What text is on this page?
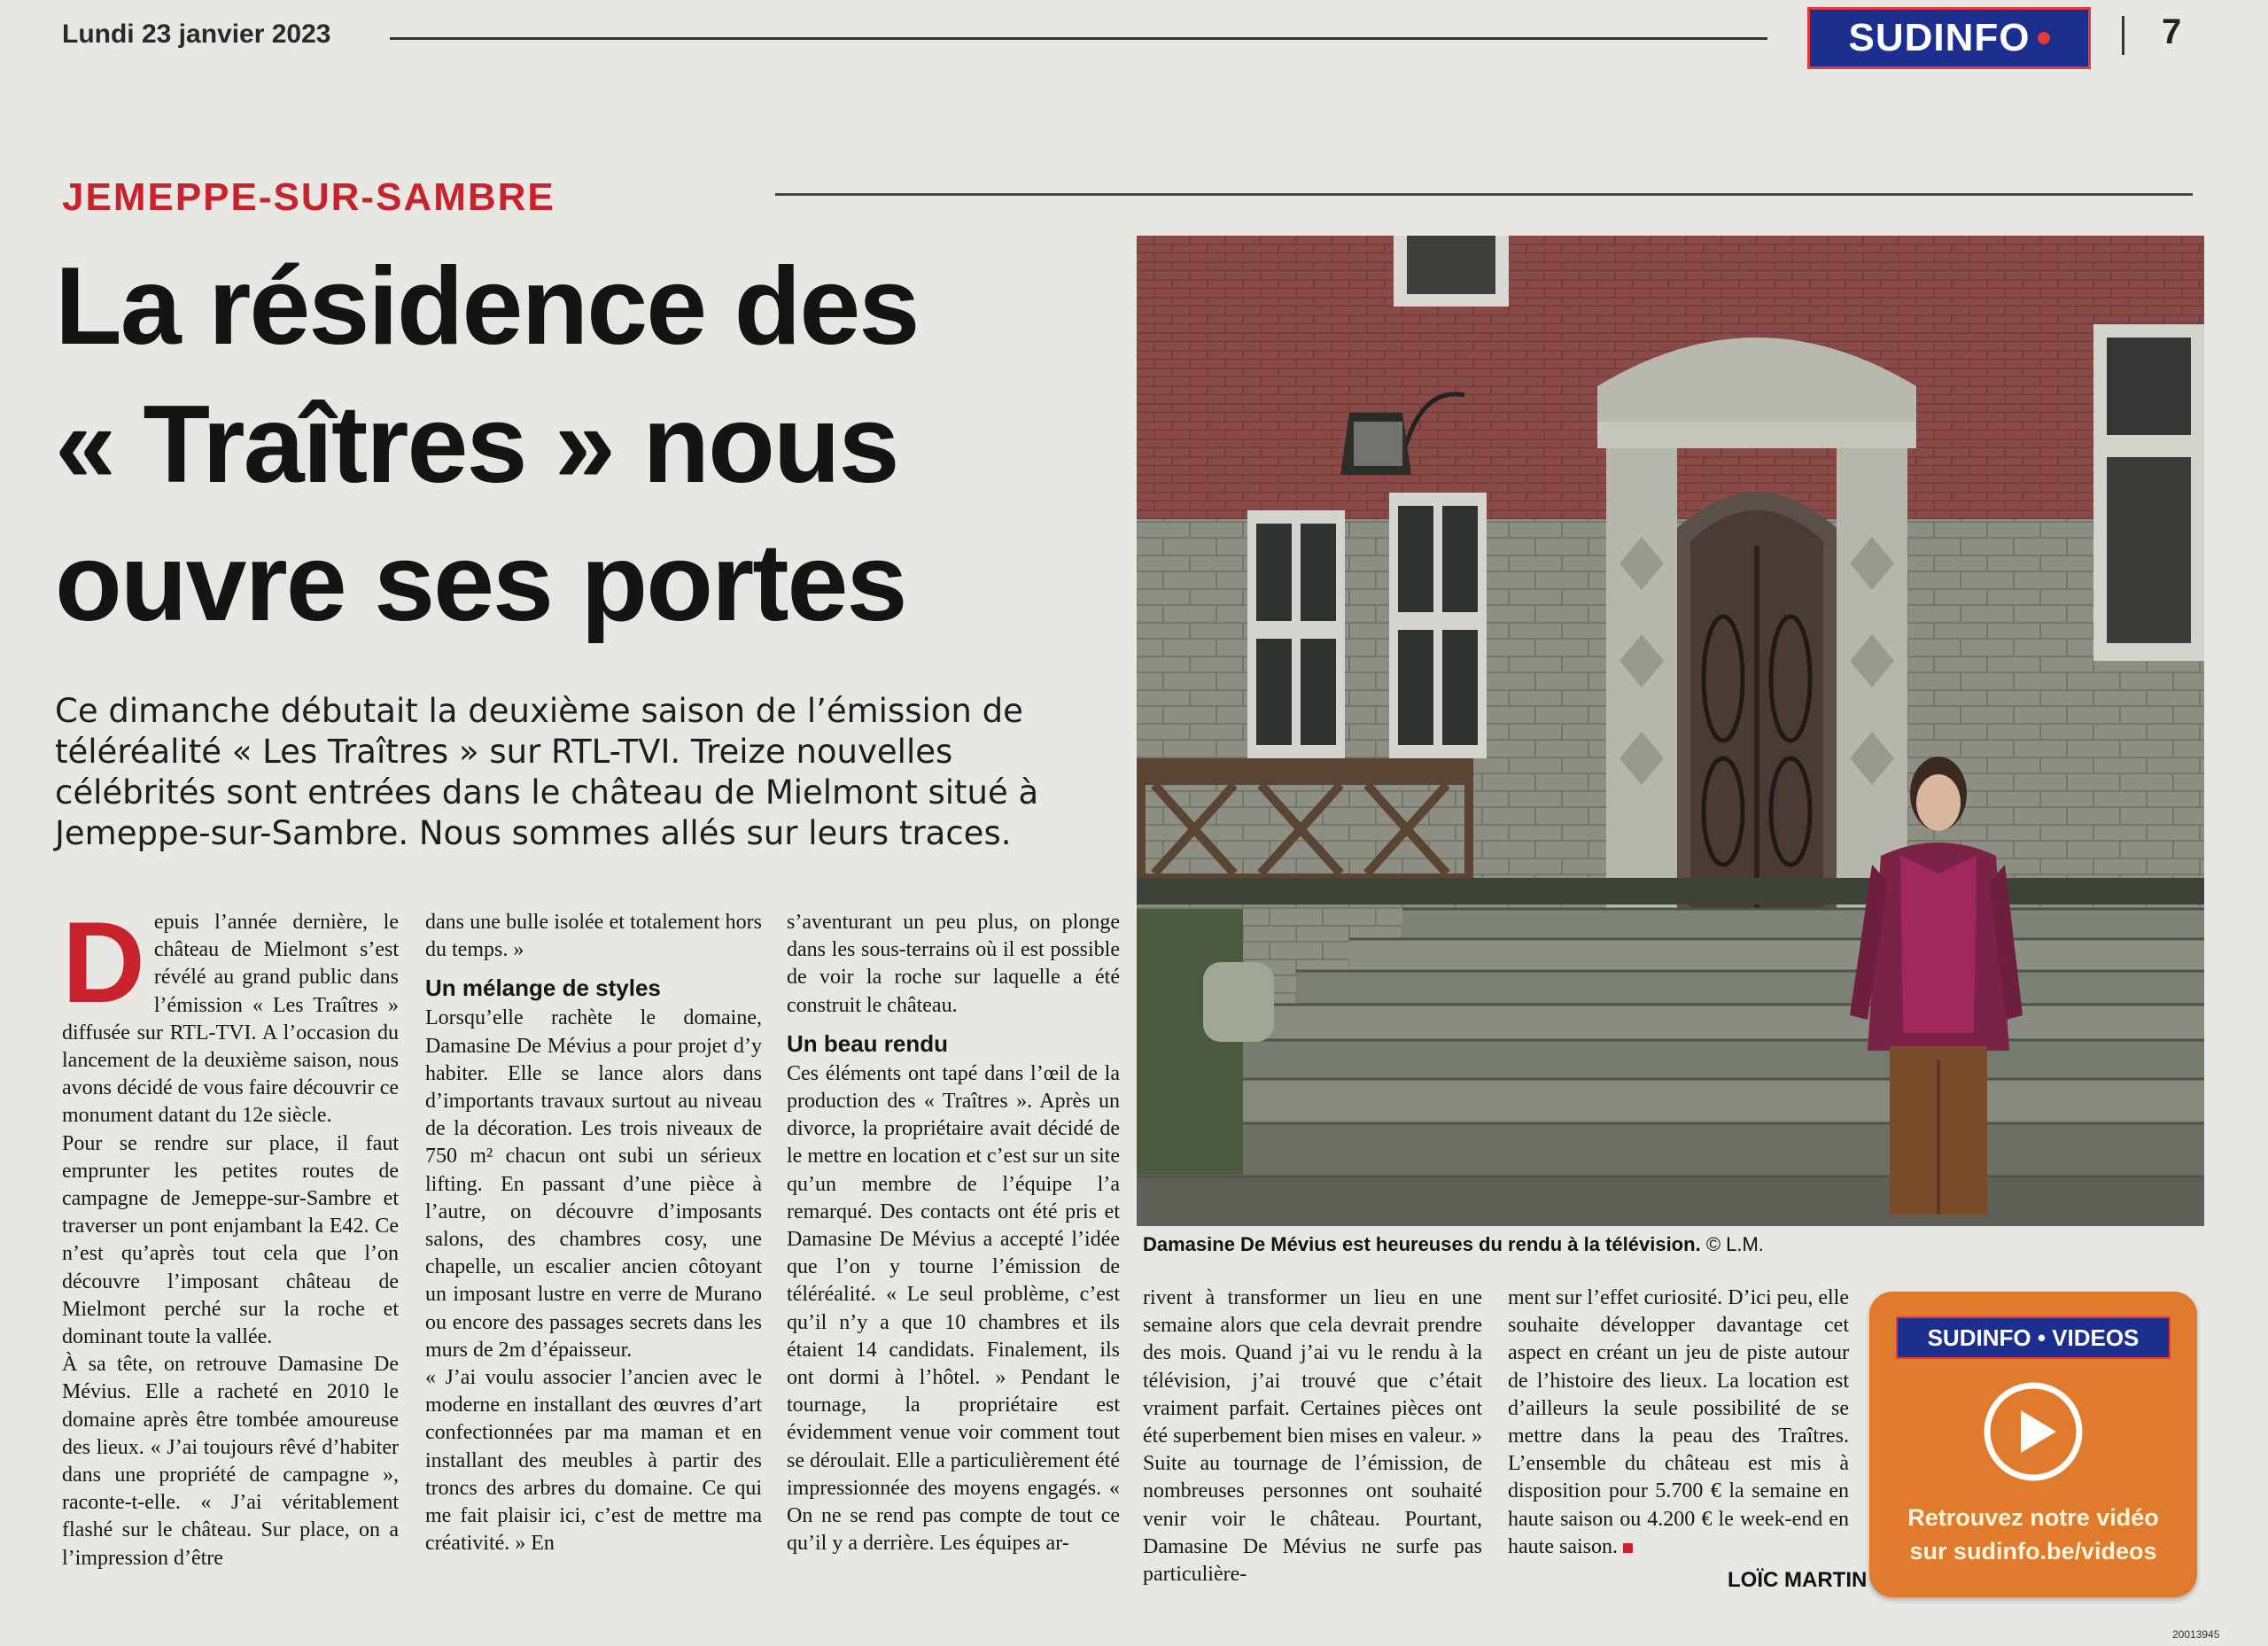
Lundi 23 janvier 2023	SUDINFO	7
JEMEPPE-SUR-SAMBRE
La résidence des
« Traîtres » nous
ouvre ses portes
Ce dimanche débutait la deuxième saison de l’émission de téléréalité « Les Traîtres » sur RTL-TVI. Treize nouvelles célébrités sont entrées dans le château de Mielmont situé à Jemeppe-sur-Sambre. Nous sommes allés sur leurs traces.
Damasine De Mévius est heureuses du rendu à la télévision. © L.M.
D epuis l’année dernière, le château de Mielmont s’est révélé au grand public dans l’émission « Les Traîtres » diffusée sur RTL-TVI. A l’occasion du lancement de la deuxième saison, nous avons décidé de vous faire découvrir ce monument datant du 12e siècle.

Pour se rendre sur place, il faut emprunter les petites routes de campagne de Jemeppe-sur-Sambre et traverser un pont enjambant la E42. Ce n’est qu’après tout cela que l’on découvre l’imposant château de Mielmont perché sur la roche et dominant toute la vallée.

À sa tête, on retrouve Damasine De Mévius. Elle a racheté en 2010 le domaine après être tombée amoureuse des lieux. « J’ai toujours rêvé d’habiter dans une propriété de campagne », raconte-t-elle. « J’ai véritablement flashé sur le château. Sur place, on a l’impression d’être

dans une bulle isolée et totalement hors du temps. »

Un mélange de styles

Lorsqu’elle rachète le domaine, Damasine De Mévius a pour projet d’y habiter. Elle se lance alors dans d’importants travaux surtout au niveau de la décoration. Les trois niveaux de 750 m² chacun ont subi un sérieux lifting. En passant d’une pièce à l’autre, on découvre d’imposants salons, des chambres cosy, une chapelle, un escalier ancien côtoyant un imposant lustre en verre de Murano ou encore des passages secrets dans les murs de 2m d’épaisseur.

« J’ai voulu associer l’ancien avec le moderne en installant des œuvres d’art confectionnées par ma maman et en installant des meubles à partir des troncs des arbres du domaine. Ce qui me fait plaisir ici, c’est de mettre ma créativité. » En

s’aventurant un peu plus, on plonge dans les sous-terrains où il est possible de voir la roche sur laquelle a été construit le château.

Un beau rendu

Ces éléments ont tapé dans l’œil de la production des « Traîtres ». Après un divorce, la propriétaire avait décidé de le mettre en location et c’est sur un site qu’un membre de l’équipe l’a remarqué. Des contacts ont été pris et Damasine De Mévius a accepté l’idée que l’on y tourne l’émission de téléréalité. « Le seul problème, c’est qu’il n’y a que 10 chambres et ils étaient 14 candidats. Finalement, ils ont dormi à l’hôtel. » Pendant le tournage, la propriétaire est évidemment venue voir comment tout se déroulait. Elle a particulièrement été impressionnée des moyens engagés. « On ne se rend pas compte de tout ce qu’il y a derrière. Les équipes ar-

rivent à transformer un lieu en une semaine alors que cela devrait prendre des mois. Quand j’ai vu le rendu à la télévision, j’ai trouvé que c’était vraiment parfait. Certaines pièces ont été superbement bien mises en valeur. » Suite au tournage de l’émission, de nombreuses personnes ont souhaité venir voir le château. Pourtant, Damasine De Mévius ne surfe pas particulière-

ment sur l’effet curiosité. D’ici peu, elle souhaite développer davantage cet aspect en créant un jeu de piste autour de l’histoire des lieux. La location est d’ailleurs la seule possibilité de se mettre dans la peau des Traîtres. L’ensemble du château est mis à disposition pour 5.700 € la semaine en haute saison ou 4.200 € le week-end en haute saison.

LOÏC MARTIN
SUDINFO • VIDEOS
Retrouvez notre vidéo
sur sudinfo.be/videos
20013945
